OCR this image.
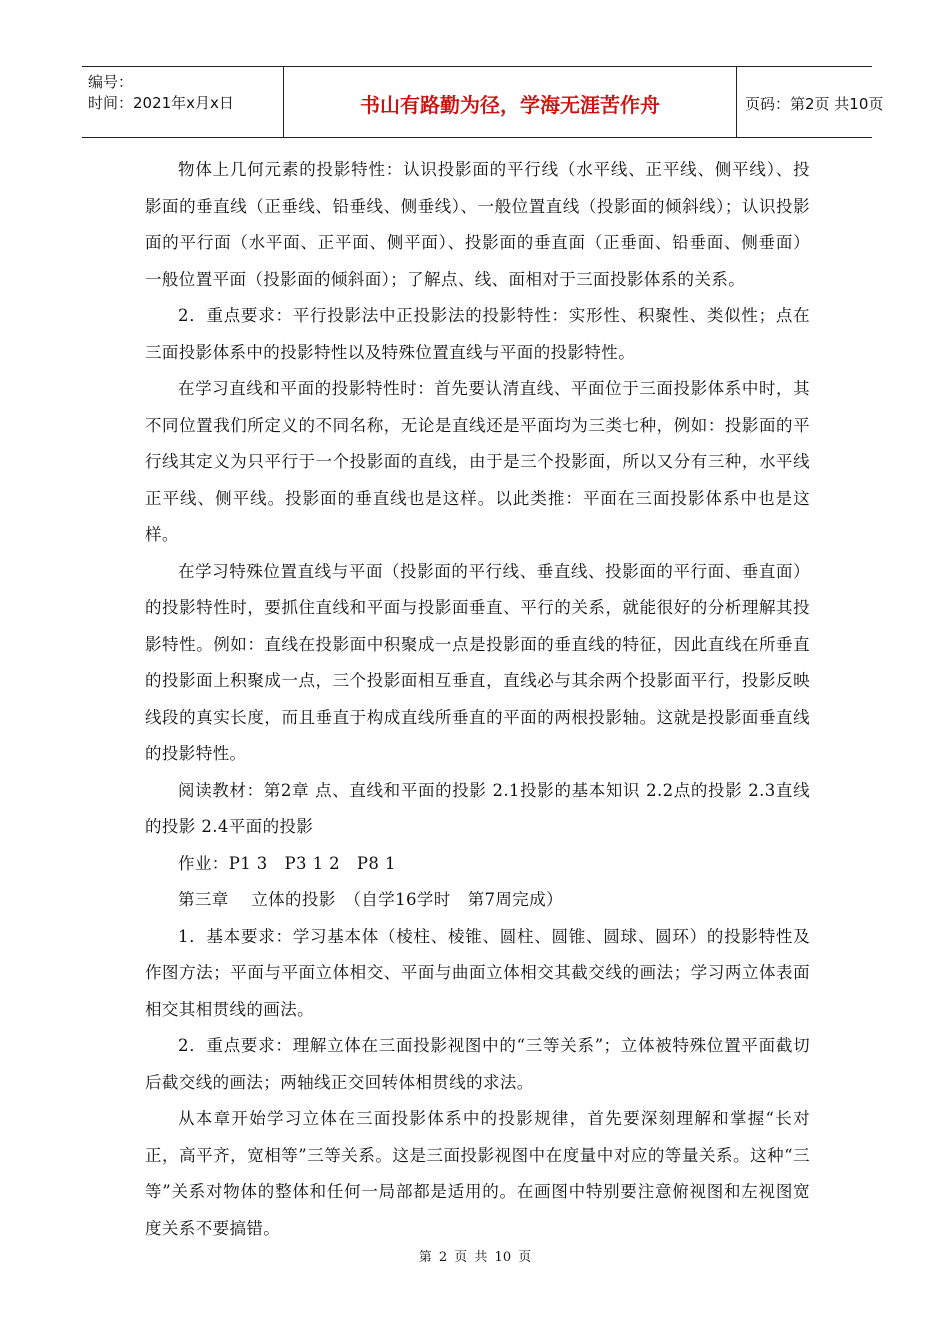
编号：
时间：2021年x月x日	书山有路勤为径，学海无涯苦作舟	页码：第2页 共10页

物体上几何元素的投影特性：认识投影面的平行线（水平线、正平线、侧平线）、投影面的垂直线（正垂线、铅垂线、侧垂线）、一般位置直线（投影面的倾斜线）；认识投影面的平行面（水平面、正平面、侧平面）、投影面的垂直面（正垂面、铅垂面、侧垂面）一般位置平面（投影面的倾斜面）；了解点、线、面相对于三面投影体系的关系。

2．重点要求：平行投影法中正投影法的投影特性：实形性、积聚性、类似性；点在三面投影体系中的投影特性以及特殊位置直线与平面的投影特性。

在学习直线和平面的投影特性时：首先要认清直线、平面位于三面投影体系中时，其不同位置我们所定义的不同名称，无论是直线还是平面均为三类七种，例如：投影面的平行线其定义为只平行于一个投影面的直线，由于是三个投影面，所以又分有三种，水平线正平线、侧平线。投影面的垂直线也是这样。以此类推：平面在三面投影体系中也是这样。

在学习特殊位置直线与平面（投影面的平行线、垂直线、投影面的平行面、垂直面）的投影特性时，要抓住直线和平面与投影面垂直、平行的关系，就能很好的分析理解其投影特性。例如：直线在投影面中积聚成一点是投影面的垂直线的特征，因此直线在所垂直的投影面上积聚成一点，三个投影面相互垂直，直线必与其余两个投影面平行，投影反映线段的真实长度，而且垂直于构成直线所垂直的平面的两根投影轴。这就是投影面垂直线的投影特性。

阅读教材：第2章 点、直线和平面的投影 2.1投影的基本知识 2.2点的投影 2.3直线的投影 2.4平面的投影

作业：P1 3　P3 1 2　P8 1

第三章　 立体的投影　（自学16学时　第7周完成）

1．基本要求：学习基本体（棱柱、棱锥、圆柱、圆锥、圆球、圆环）的投影特性及作图方法；平面与平面立体相交、平面与曲面立体相交其截交线的画法；学习两立体表面相交其相贯线的画法。

2．重点要求：理解立体在三面投影视图中的“三等关系”；立体被特殊位置平面截切后截交线的画法；两轴线正交回转体相贯线的求法。

从本章开始学习立体在三面投影体系中的投影规律，首先要深刻理解和掌握“长对正，高平齐，宽相等”三等关系。这是三面投影视图中在度量中对应的等量关系。这种“三等”关系对物体的整体和任何一局部都是适用的。在画图中特别要注意俯视图和左视图宽度关系不要搞错。

第 2 页 共 10 页
